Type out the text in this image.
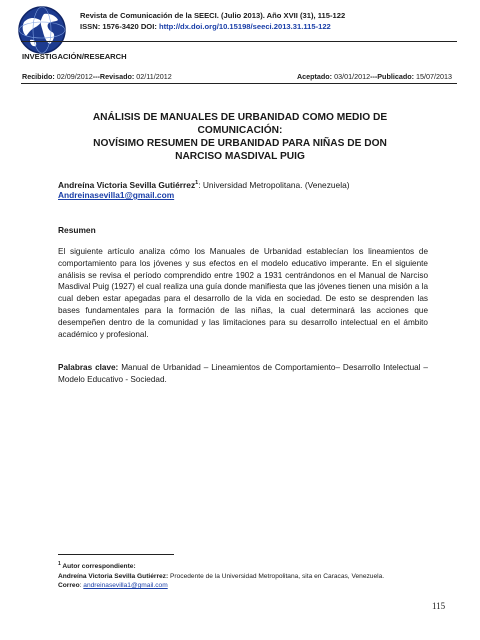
Revista de Comunicación de la SEECI. (Julio 2013). Año XVII (31), 115-122
ISSN: 1576-3420 DOI: http://dx.doi.org/10.15198/seeci.2013.31.115-122
INVESTIGACIÓN/RESEARCH
Recibido: 02/09/2012---Revisado: 02/11/2012	Aceptado: 03/01/2012---Publicado: 15/07/2013
ANÁLISIS DE MANUALES DE URBANIDAD COMO MEDIO DE
COMUNICACIÓN:
NOVÍSIMO RESUMEN DE URBANIDAD PARA NIÑAS DE DON
NARCISO MASDIVAL PUIG
Andreína Victoria Sevilla Gutiérrez$^1$: Universidad Metropolitana. (Venezuela)
Andreinasevilla1@gmail.com
Resumen
El siguiente artículo analiza cómo los Manuales de Urbanidad establecían los lineamientos de comportamiento para los jóvenes y sus efectos en el modelo educativo imperante. En el siguiente análisis se revisa el período comprendido entre 1902 a 1931 centrándonos en el Manual de Narciso Masdival Puig (1927) el cual realiza una guía donde manifiesta que las jóvenes tienen una misión a la cual deben estar apegadas para el desarrollo de la vida en sociedad. De esto se desprenden las bases fundamentales para la formación de las niñas, la cual determinará las acciones que desempeñen dentro de la comunidad y las limitaciones para su desarrollo intelectual en el ámbito académico y profesional.
Palabras clave: Manual de Urbanidad – Lineamientos de Comportamiento– Desarrollo Intelectual – Modelo Educativo - Sociedad.
$^1$ Autor correspondiente:
Andreína Victoria Sevilla Gutiérrez: Procedente de la Universidad Metropolitana, sita en Caracas, Venezuela.
Correo: andreinasevilla1@gmail.com
115
